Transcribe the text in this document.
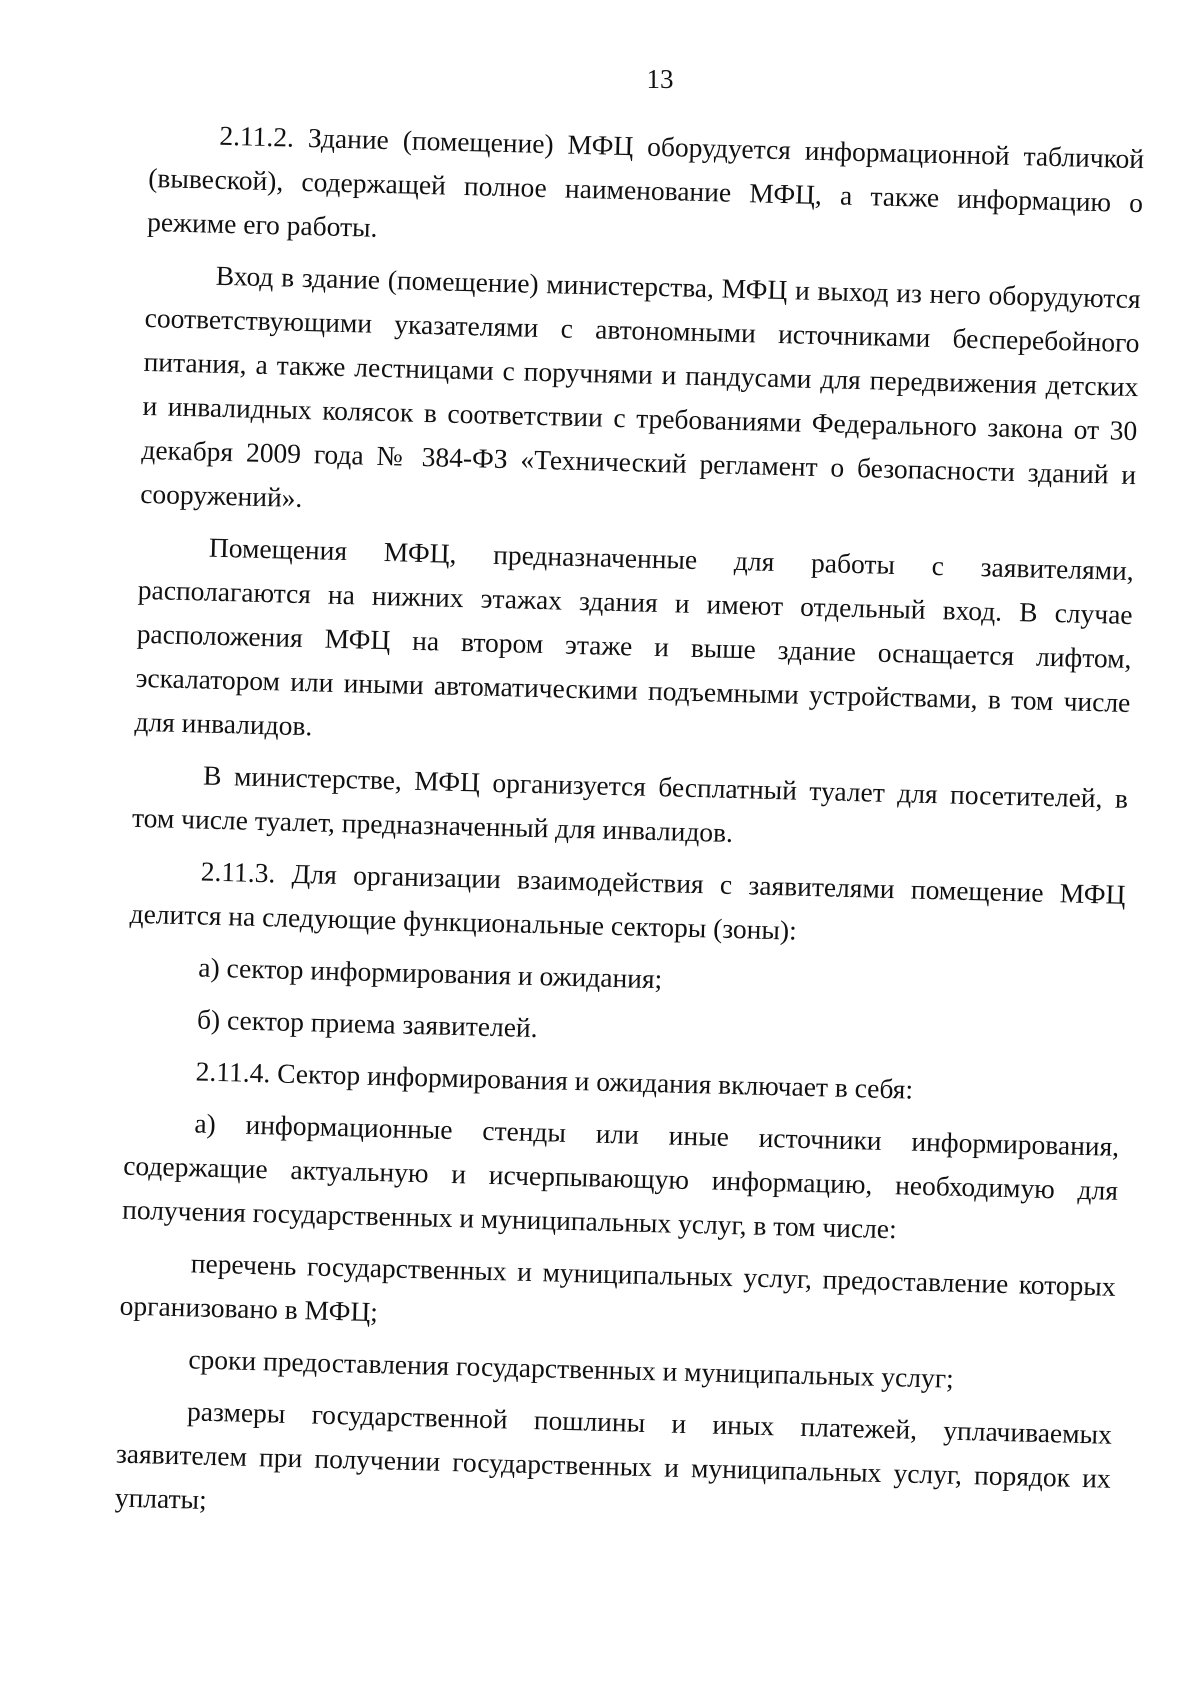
13

2.11.2. Здание (помещение) МФЦ оборудуется информационной табличкой (вывеской), содержащей полное наименование МФЦ, а также информацию о режиме его работы.

Вход в здание (помещение) министерства, МФЦ и выход из него оборудуются соответствующими указателями с автономными источниками бесперебойного питания, а также лестницами с поручнями и пандусами для передвижения детских и инвалидных колясок в соответствии с требованиями Федерального закона от 30 декабря 2009 года № 384-ФЗ «Технический регламент о безопасности зданий и сооружений».

Помещения МФЦ, предназначенные для работы с заявителями, располагаются на нижних этажах здания и имеют отдельный вход. В случае расположения МФЦ на втором этаже и выше здание оснащается лифтом, эскалатором или иными автоматическими подъемными устройствами, в том числе для инвалидов.

В министерстве, МФЦ организуется бесплатный туалет для посетителей, в том числе туалет, предназначенный для инвалидов.

2.11.3. Для организации взаимодействия с заявителями помещение МФЦ делится на следующие функциональные секторы (зоны):

а) сектор информирования и ожидания;

б) сектор приема заявителей.

2.11.4. Сектор информирования и ожидания включает в себя:

а) информационные стенды или иные источники информирования, содержащие актуальную и исчерпывающую информацию, необходимую для получения государственных и муниципальных услуг, в том числе:

перечень государственных и муниципальных услуг, предоставление которых организовано в МФЦ;

сроки предоставления государственных и муниципальных услуг;

размеры государственной пошлины и иных платежей, уплачиваемых заявителем при получении государственных и муниципальных услуг, порядок их уплаты;
